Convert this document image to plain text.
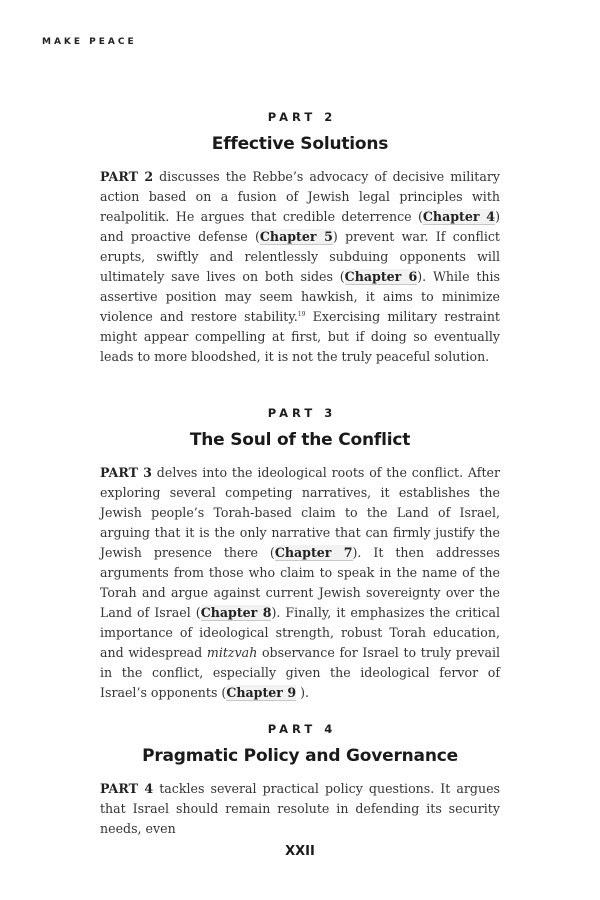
MAKE PEACE

PART 2

Effective Solutions

PART 2 discusses the Rebbe’s advocacy of decisive military action based on a fusion of Jewish legal principles with realpolitik. He argues that credible deterrence (Chapter 4) and proactive defense (Chapter 5) prevent war. If conflict erupts, swiftly and relentlessly subduing opponents will ultimately save lives on both sides (Chapter 6). While this assertive position may seem hawkish, it aims to minimize violence and restore stability.$^{19}$ Exercising military restraint might appear compelling at first, but if doing so eventually leads to more bloodshed, it is not the truly peaceful solution.

PART 3

The Soul of the Conflict

PART 3 delves into the ideological roots of the conflict. After exploring several competing narratives, it establishes the Jewish people’s Torah-based claim to the Land of Israel, arguing that it is the only narrative that can firmly justify the Jewish presence there (Chapter 7). It then addresses arguments from those who claim to speak in the name of the Torah and argue against current Jewish sovereignty over the Land of Israel (Chapter 8). Finally, it emphasizes the critical importance of ideological strength, robust Torah education, and widespread mitzvah observance for Israel to truly prevail in the conflict, especially given the ideological fervor of Israel’s opponents (Chapter 9 ).

PART 4

Pragmatic Policy and Governance

PART 4 tackles several practical policy questions. It argues that Israel should remain resolute in defending its security needs, even

XXII
